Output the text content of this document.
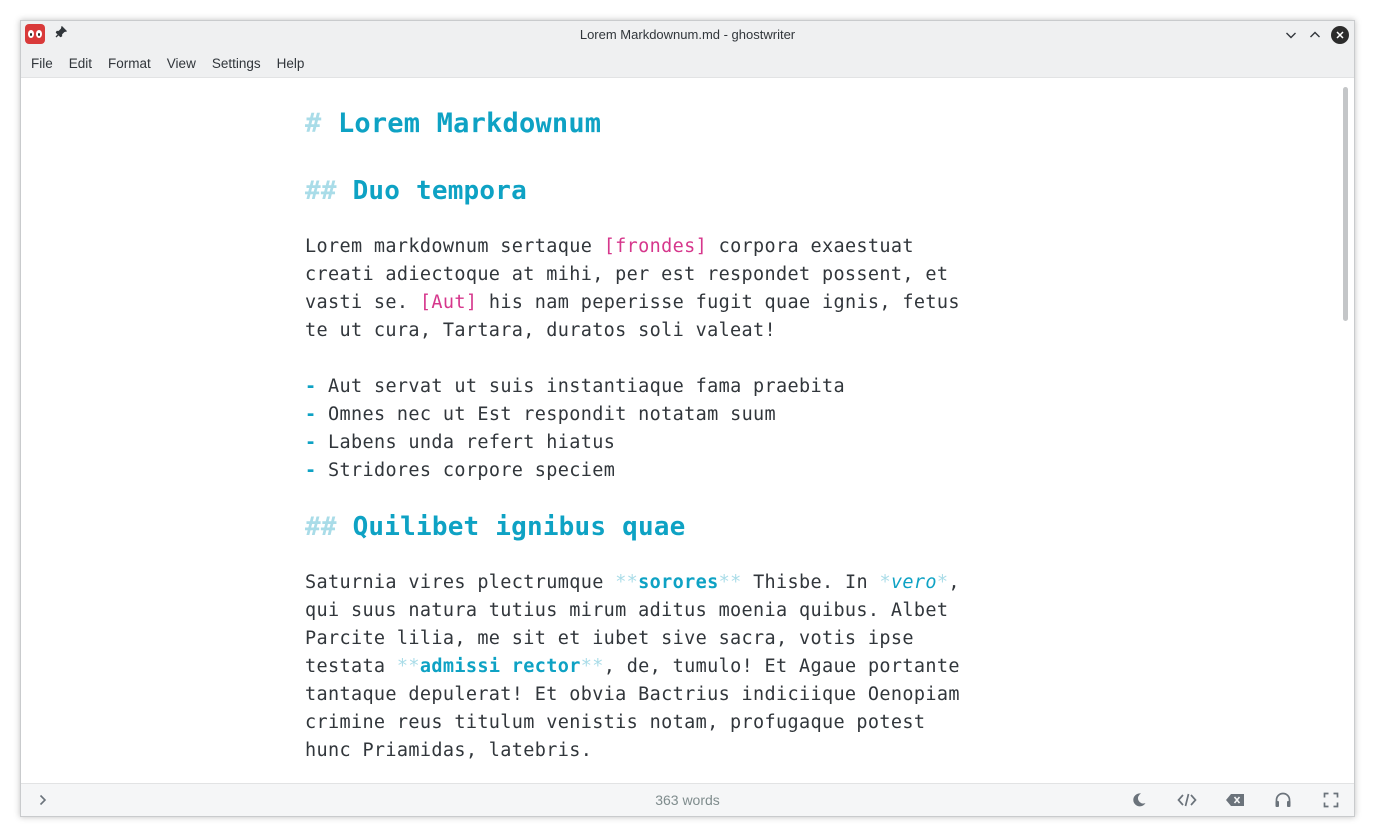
Lorem Markdownum.md - ghostwriter
File	Edit	Format	View	Settings	Help
# Lorem Markdownum
## Duo tempora
Lorem markdownum sertaque [frondes] corpora exaestuat
creati adiectoque at mihi, per est respondet possent, et
vasti se. [Aut] his nam peperisse fugit quae ignis, fetus
te ut cura, Tartara, duratos soli valeat!
- Aut servat ut suis instantiaque fama praebita
- Omnes nec ut Est respondit notatam suum
- Labens unda refert hiatus
- Stridores corpore speciem
## Quilibet ignibus quae
Saturnia vires plectrumque **sorores** Thisbe. In *vero*,
qui suus natura tutius mirum aditus moenia quibus. Albet
Parcite lilia, me sit et iubet sive sacra, votis ipse
testata **admissi rector**, de, tumulo! Et Agaue portante
tantaque depulerat! Et obvia Bactrius indiciique Oenopiam
crimine reus titulum venistis notam, profugaque potest
hunc Priamidas, latebris.
363 words
